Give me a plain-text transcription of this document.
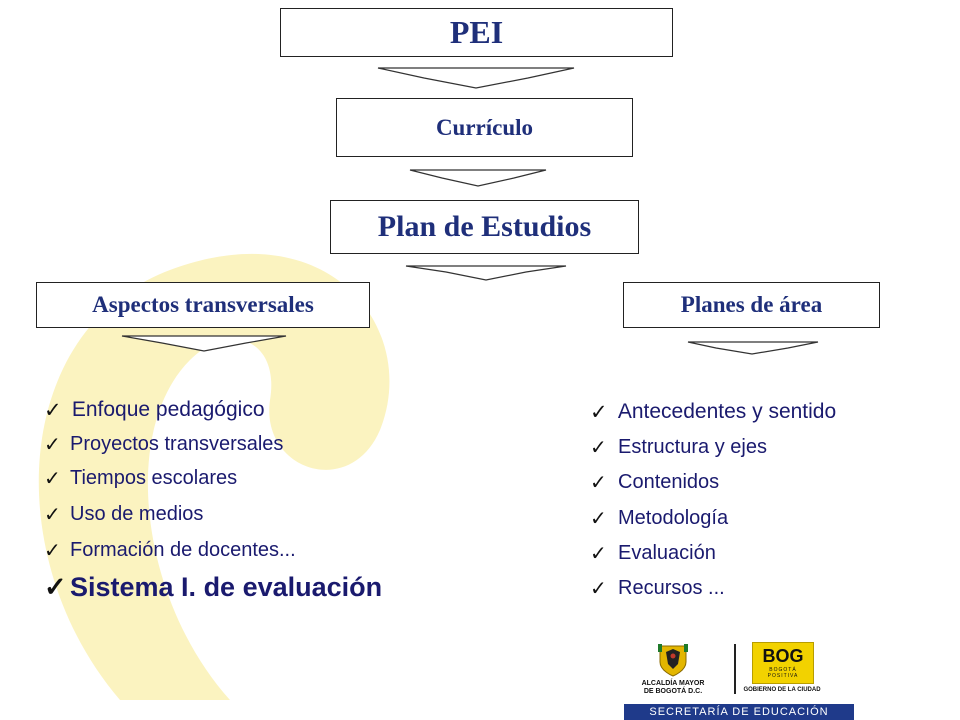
PEI
Currículo
Plan de Estudios
Aspectos transversales	Planes de área
✓
Enfoque pedagógico
✓ Proyectos transversales
✓ Tiempos escolares
✓ Uso de medios
✓ Formación de docentes...
✓ Sistema I. de evaluación
✓
Antecedentes y sentido
✓ Estructura y ejes
✓ Contenidos
✓ Metodología
✓ Evaluación
✓ Recursos ...
ALCALDÍA MAYOR
DE BOGOTÁ D.C.
BOG
BOGOTÁ POSITIVA
GOBIERNO DE LA CIUDAD
SECRETARÍA DE EDUCACIÓN
